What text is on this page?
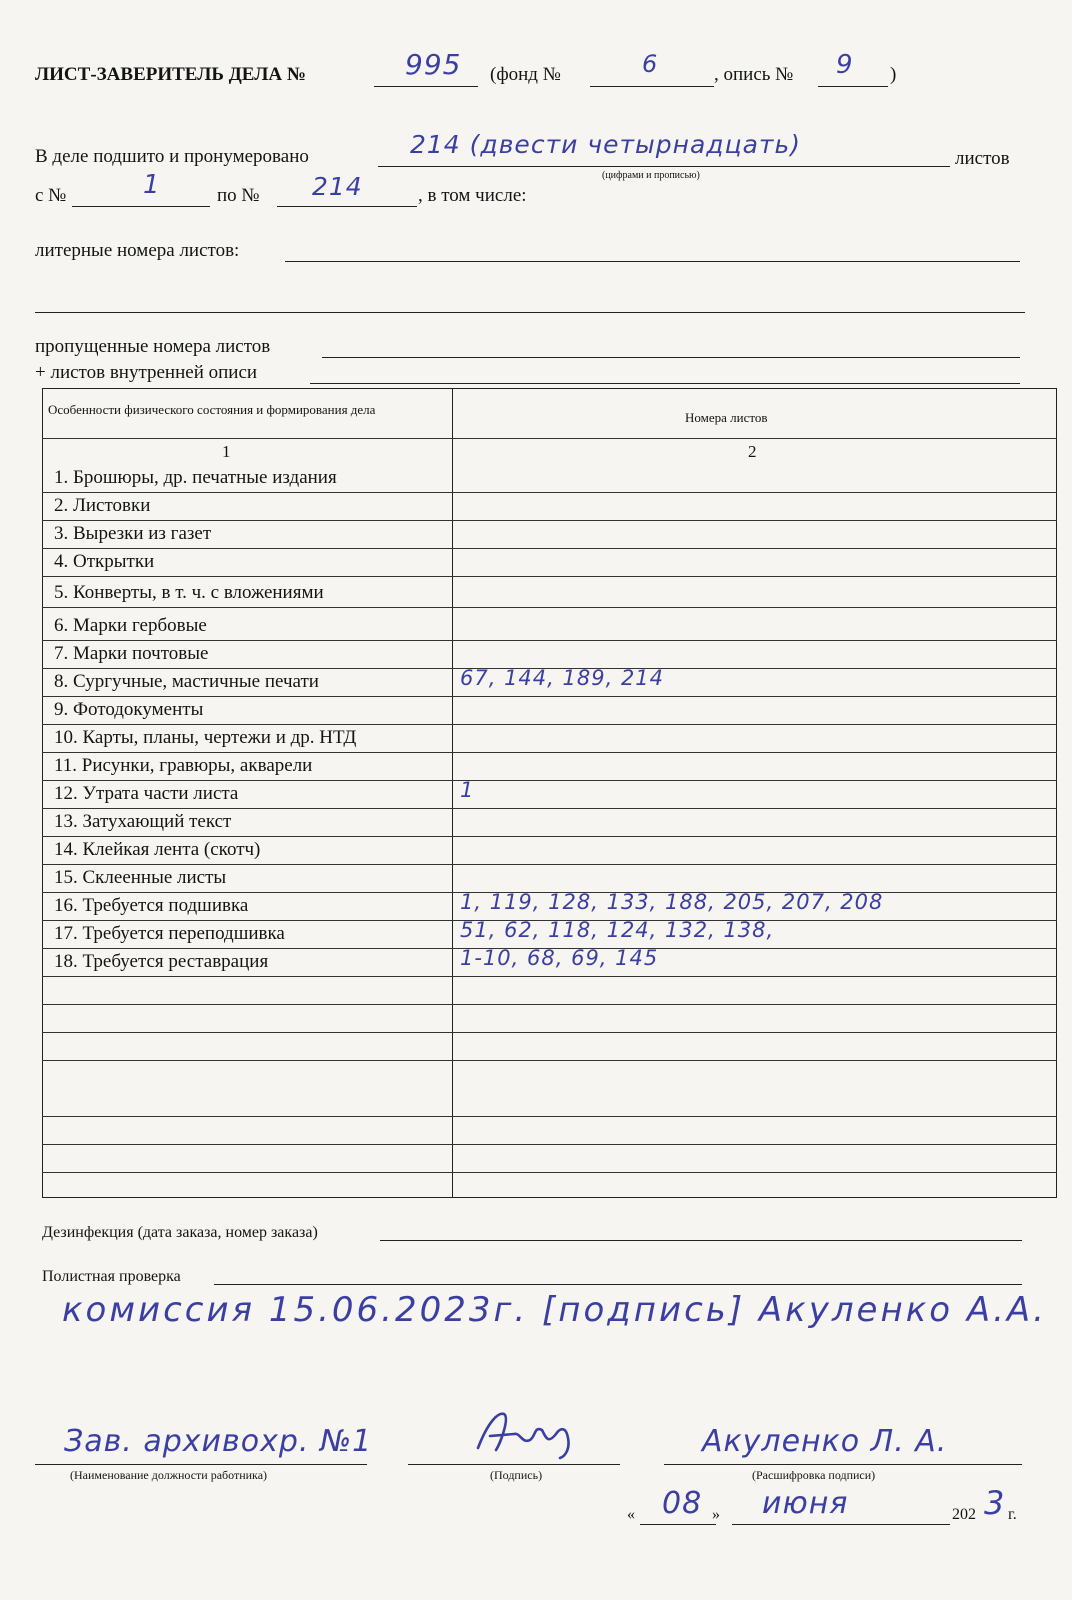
ЛИСТ-ЗАВЕРИТЕЛЬ ДЕЛА №	995 (фонд №	6	, опись № 9 )
В деле подшито и пронумеровано	214 (двести четырнадцать)	листов
(цифрами и прописью)
с №	1	по № 214	, в том числе:
литерные номера листов:
пропущенные номера листов
+ листов внутренней описи
Особенности физического состояния и формирования дела
Номера листов
1	2
1. Брошюры, др. печатные издания
2. Листовки
3. Вырезки из газет
4. Открытки
5. Конверты, в т. ч. с вложениями
6. Марки гербовые
7. Марки почтовые
8. Сургучные, мастичные печати	67, 144, 189, 214
9. Фотодокументы
10. Карты, планы, чертежи и др. НТД
11. Рисунки, гравюры, акварели
12. Утрата части листа	1
13. Затухающий текст
14. Клейкая лента (скотч)
15. Склеенные листы
16. Требуется подшивка	1, 119, 128, 133, 188, 205, 207, 208
17. Требуется переподшивка	51, 62, 118, 124, 132, 138,
18. Требуется реставрация	1-10, 68, 69, 145
Дезинфекция (дата заказа, номер заказа)
Полистная проверка
комиссия 15.06.2023г. [подпись] Акуленко А.А.
Зав. архивохр. №1
(Наименование должности работника)	(Подпись)
Акуленко Л. А.
(Расшифровка подписи)
« 08 » июня	202 3 г.
